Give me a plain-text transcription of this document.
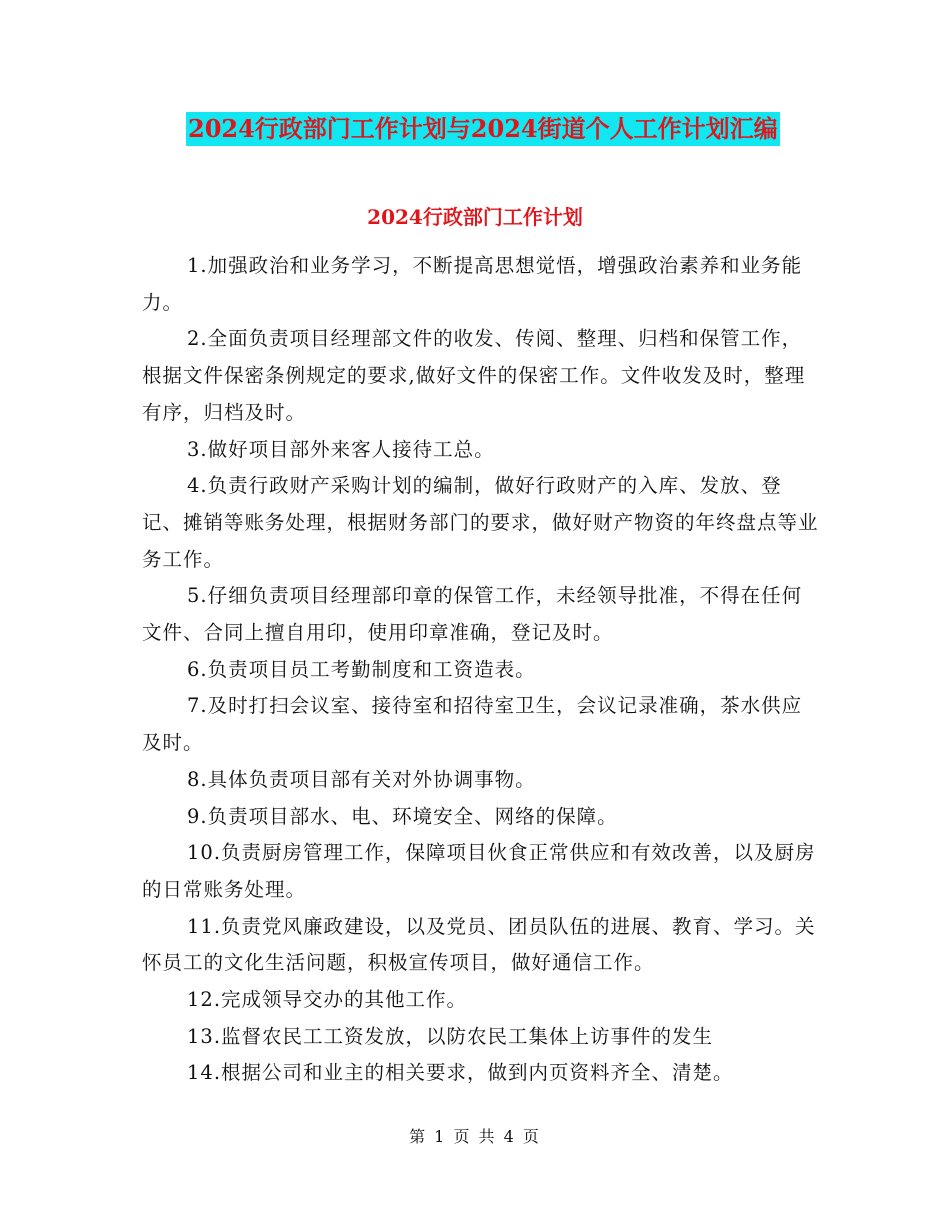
2024行政部门工作计划与2024街道个人工作计划汇编
2024行政部门工作计划

1.加强政治和业务学习，不断提高思想觉悟，增强政治素养和业务能力。

2.全面负责项目经理部文件的收发、传阅、整理、归档和保管工作，根据文件保密条例规定的要求,做好文件的保密工作。文件收发及时，整理有序，归档及时。

3.做好项目部外来客人接待工总。

4.负责行政财产采购计划的编制，做好行政财产的入库、发放、登记、摊销等账务处理，根据财务部门的要求，做好财产物资的年终盘点等业务工作。

5.仔细负责项目经理部印章的保管工作，未经领导批准，不得在任何文件、合同上擅自用印，使用印章准确，登记及时。

6.负责项目员工考勤制度和工资造表。

7.及时打扫会议室、接待室和招待室卫生，会议记录准确，茶水供应及时。

8.具体负责项目部有关对外协调事物。

9.负责项目部水、电、环境安全、网络的保障。

10.负责厨房管理工作，保障项目伙食正常供应和有效改善，以及厨房的日常账务处理。

11.负责党风廉政建设，以及党员、团员队伍的进展、教育、学习。关怀员工的文化生活问题，积极宣传项目，做好通信工作。

12.完成领导交办的其他工作。

13.监督农民工工资发放，以防农民工集体上访事件的发生

14.根据公司和业主的相关要求，做到内页资料齐全、清楚。

第 1 页 共 4 页
